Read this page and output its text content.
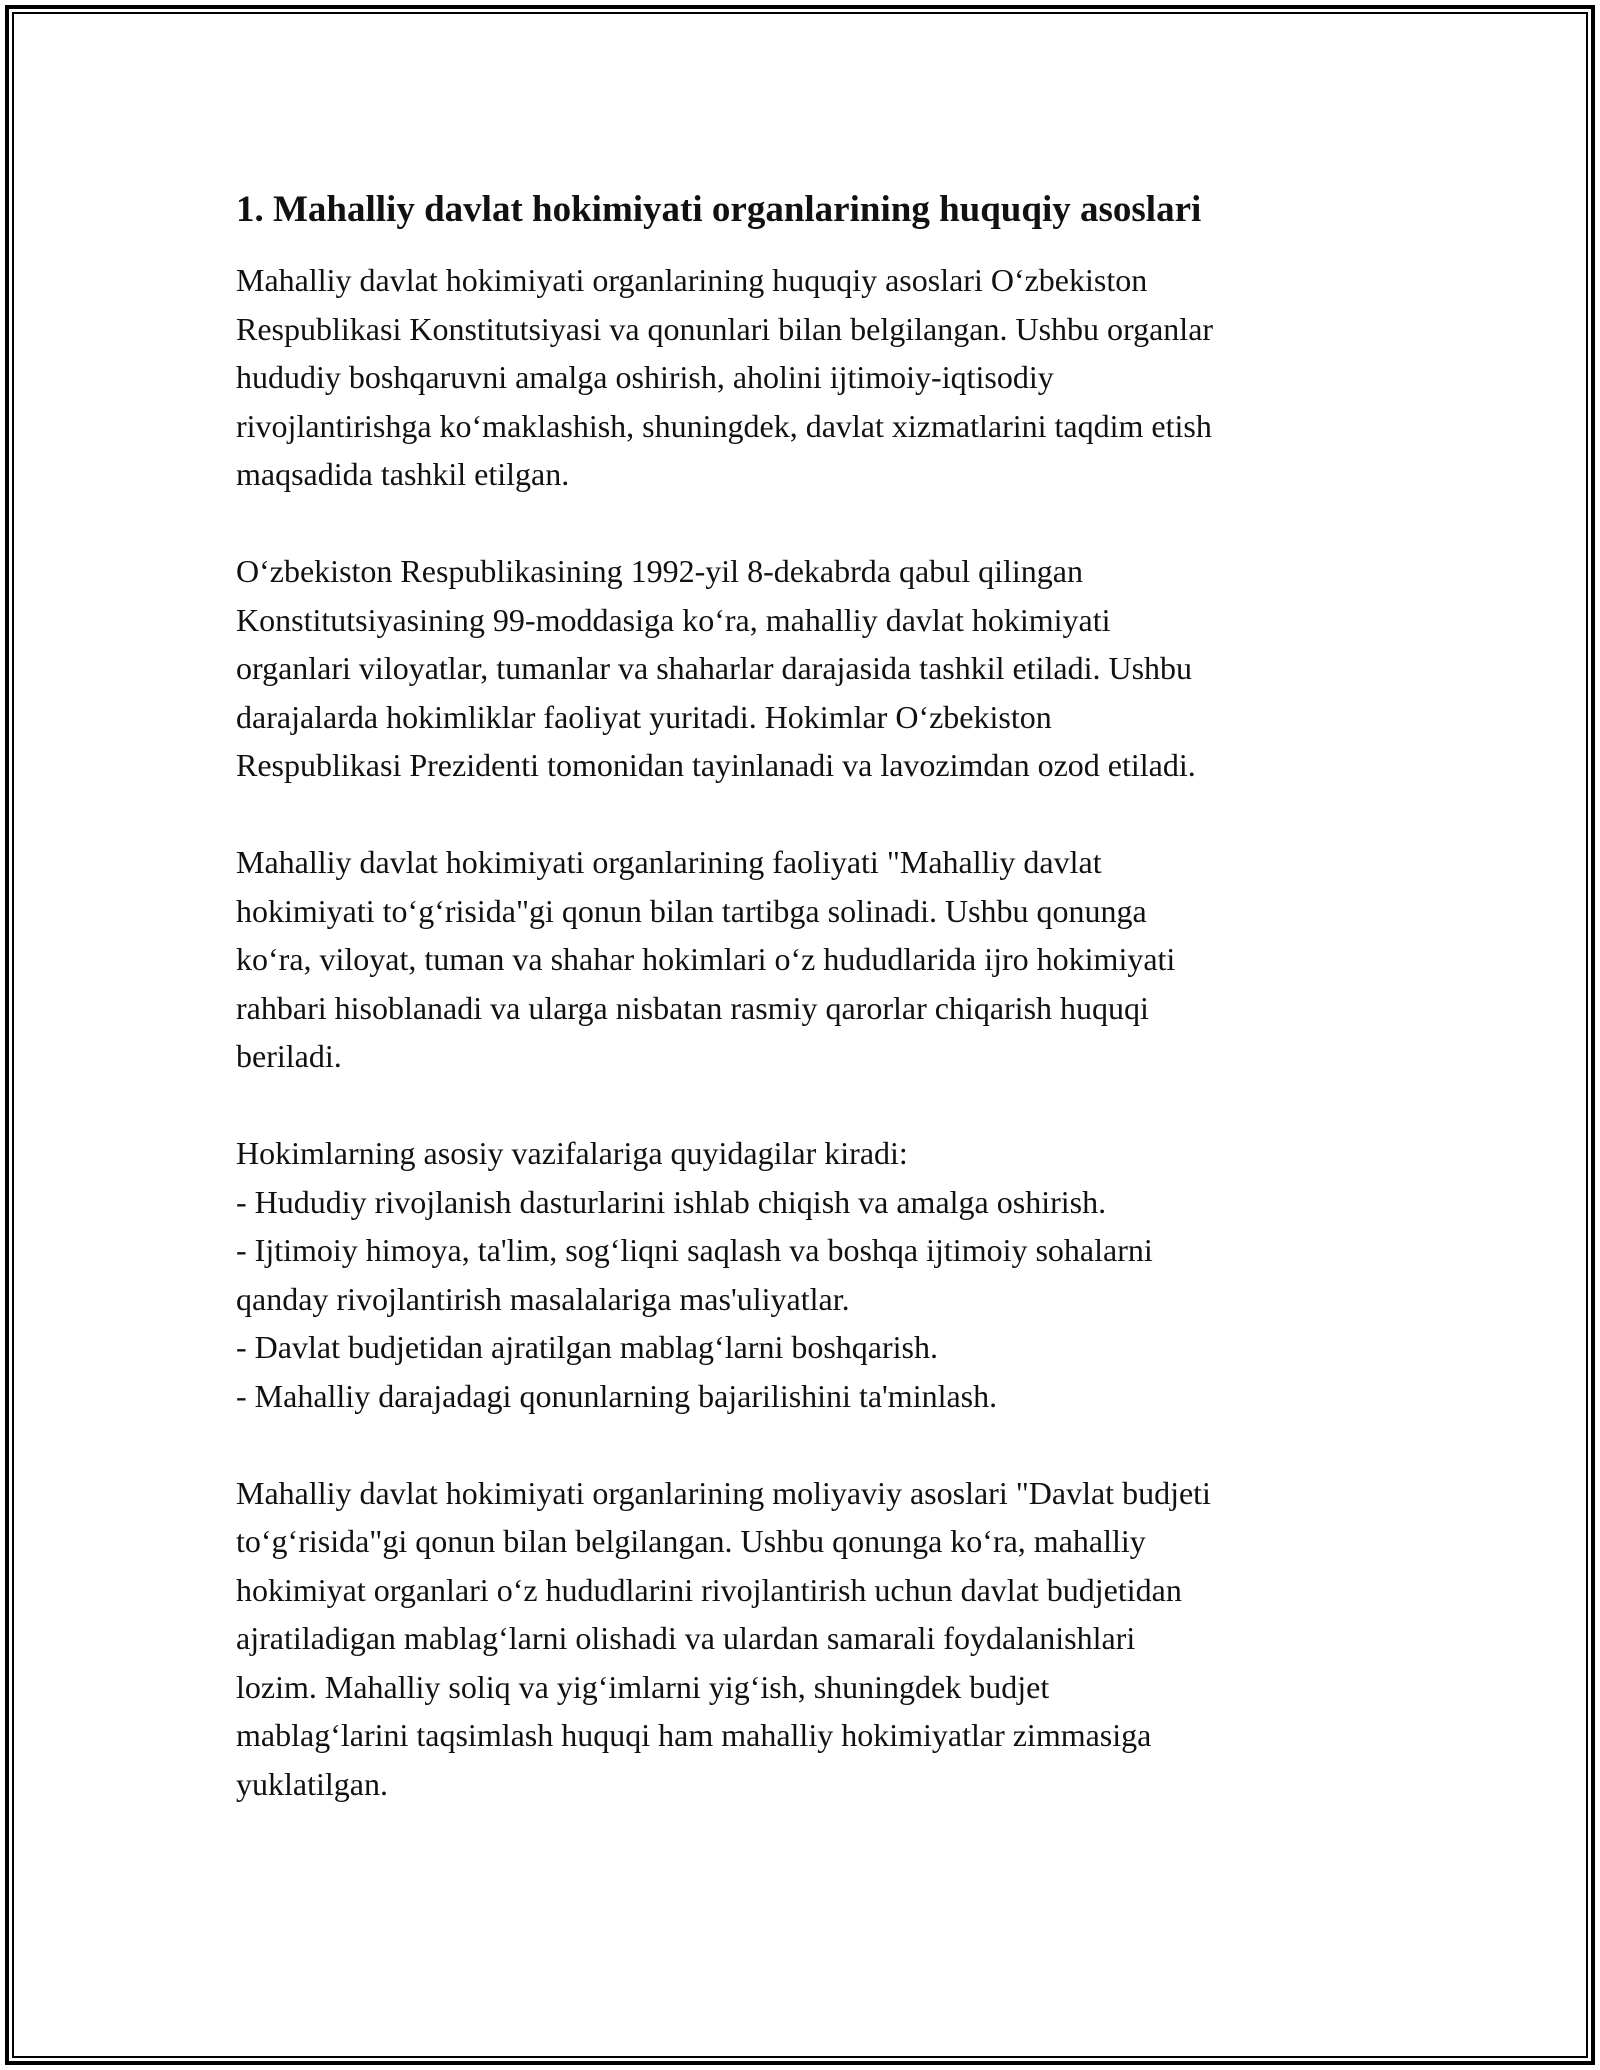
1. Mahalliy davlat hokimiyati organlarining huquqiy asoslari

Mahalliy davlat hokimiyati organlarining huquqiy asoslari O‘zbekiston
Respublikasi Konstitutsiyasi va qonunlari bilan belgilangan. Ushbu organlar
hududiy boshqaruvni amalga oshirish, aholini ijtimoiy-iqtisodiy
rivojlantirishga ko‘maklashish, shuningdek, davlat xizmatlarini taqdim etish
maqsadida tashkil etilgan.

O‘zbekiston Respublikasining 1992-yil 8-dekabrda qabul qilingan
Konstitutsiyasining 99-moddasiga ko‘ra, mahalliy davlat hokimiyati
organlari viloyatlar, tumanlar va shaharlar darajasida tashkil etiladi. Ushbu
darajalarda hokimliklar faoliyat yuritadi. Hokimlar O‘zbekiston
Respublikasi Prezidenti tomonidan tayinlanadi va lavozimdan ozod etiladi.

Mahalliy davlat hokimiyati organlarining faoliyati "Mahalliy davlat
hokimiyati to‘g‘risida"gi qonun bilan tartibga solinadi. Ushbu qonunga
ko‘ra, viloyat, tuman va shahar hokimlari o‘z hududlarida ijro hokimiyati
rahbari hisoblanadi va ularga nisbatan rasmiy qarorlar chiqarish huquqi
beriladi.

Hokimlarning asosiy vazifalariga quyidagilar kiradi:
- Hududiy rivojlanish dasturlarini ishlab chiqish va amalga oshirish.
- Ijtimoiy himoya, ta'lim, sog‘liqni saqlash va boshqa ijtimoiy sohalarni
qanday rivojlantirish masalalariga mas'uliyatlar.
- Davlat budjetidan ajratilgan mablag‘larni boshqarish.
- Mahalliy darajadagi qonunlarning bajarilishini ta'minlash.

Mahalliy davlat hokimiyati organlarining moliyaviy asoslari "Davlat budjeti
to‘g‘risida"gi qonun bilan belgilangan. Ushbu qonunga ko‘ra, mahalliy
hokimiyat organlari o‘z hududlarini rivojlantirish uchun davlat budjetidan
ajratiladigan mablag‘larni olishadi va ulardan samarali foydalanishlari
lozim. Mahalliy soliq va yig‘imlarni yig‘ish, shuningdek budjet
mablag‘larini taqsimlash huquqi ham mahalliy hokimiyatlar zimmasiga
yuklatilgan.
